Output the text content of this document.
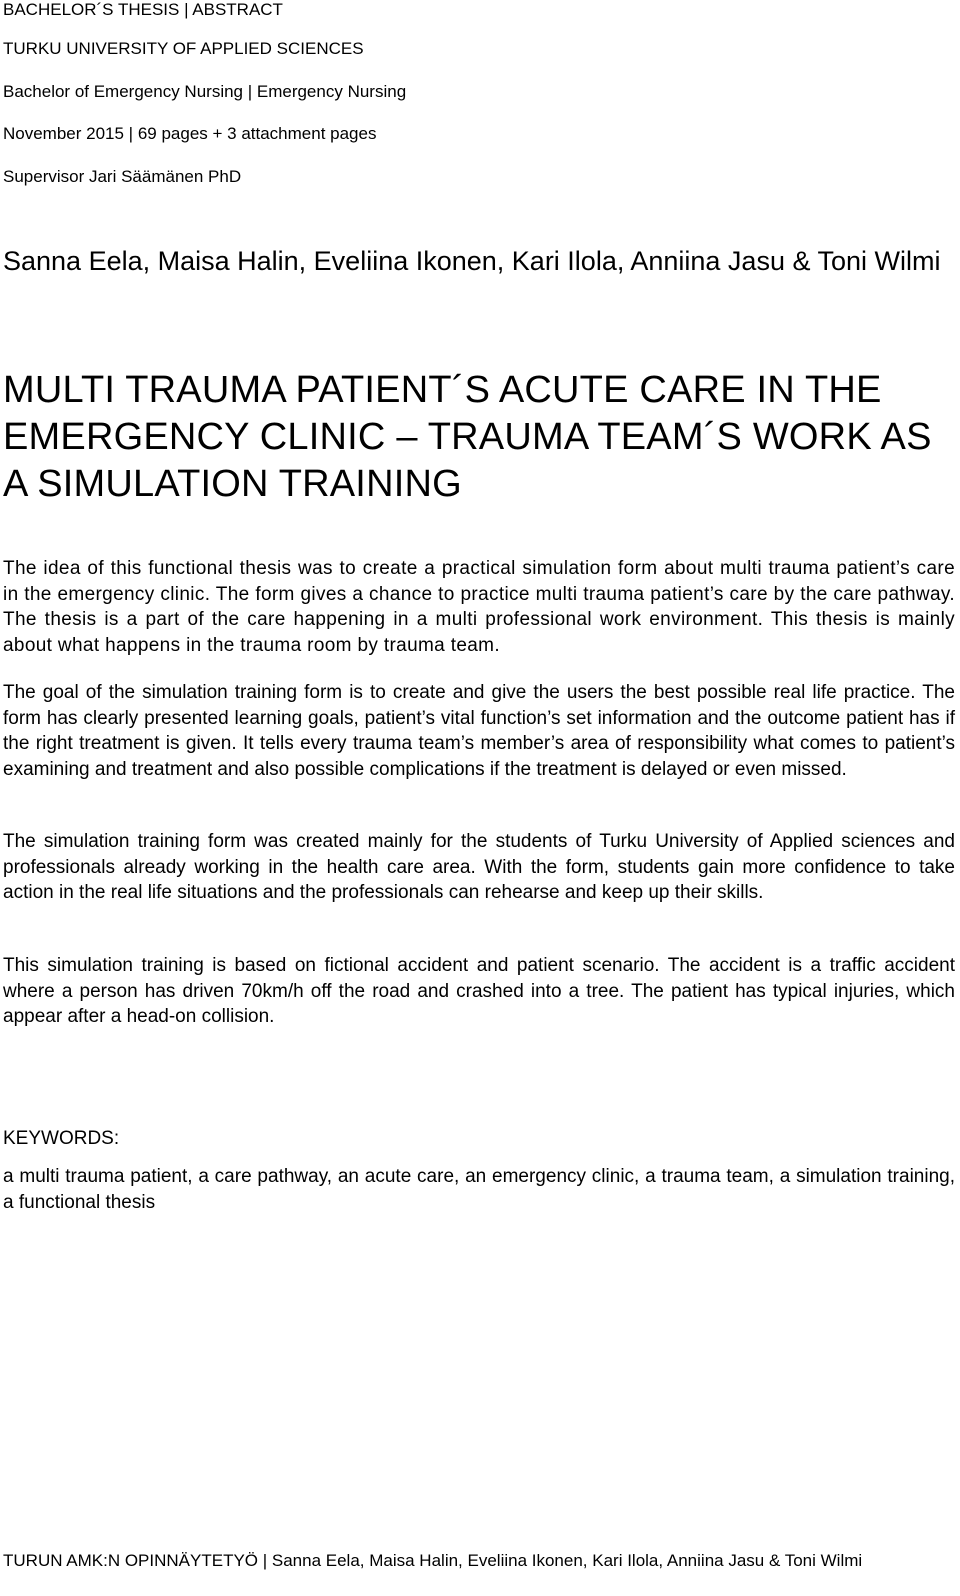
BACHELOR´S THESIS | ABSTRACT
TURKU UNIVERSITY OF APPLIED SCIENCES
Bachelor of Emergency Nursing | Emergency Nursing
November 2015 | 69 pages + 3 attachment pages
Supervisor Jari Säämänen PhD
Sanna Eela, Maisa Halin, Eveliina Ikonen, Kari Ilola, Anniina Jasu & Toni Wilmi
MULTI TRAUMA PATIENT´S ACUTE CARE IN THE EMERGENCY CLINIC – TRAUMA TEAM´S WORK AS A SIMULATION TRAINING
The idea of this functional thesis was to create a practical simulation form about multi trauma patient’s care in the emergency clinic. The form gives a chance to practice multi trauma patient’s care by the care pathway. The thesis is a part of the care happening in a multi professional work environment. This thesis is mainly about what happens in the trauma room by trauma team.
The goal of the simulation training form is to create and give the users the best possible real life practice. The form has clearly presented learning goals, patient’s vital function’s set information and the outcome patient has if the right treatment is given. It tells every trauma team’s member’s area of responsibility what comes to patient’s examining and treatment and also possible complications if the treatment is delayed or even missed.
The simulation training form was created mainly for the students of Turku University of Applied sciences and professionals already working in the health care area. With the form, students gain more confidence to take action in the real life situations and the professionals can rehearse and keep up their skills.
This simulation training is based on fictional accident and patient scenario. The accident is a traffic accident where a person has driven 70km/h off the road and crashed into a tree. The patient has typical injuries, which appear after a head-on collision.
KEYWORDS:
a multi trauma patient, a care pathway, an acute care, an emergency clinic, a trauma team, a simulation training, a functional thesis
TURUN AMK:N OPINNÄYTETYÖ | Sanna Eela, Maisa Halin, Eveliina Ikonen, Kari Ilola, Anniina Jasu & Toni Wilmi
